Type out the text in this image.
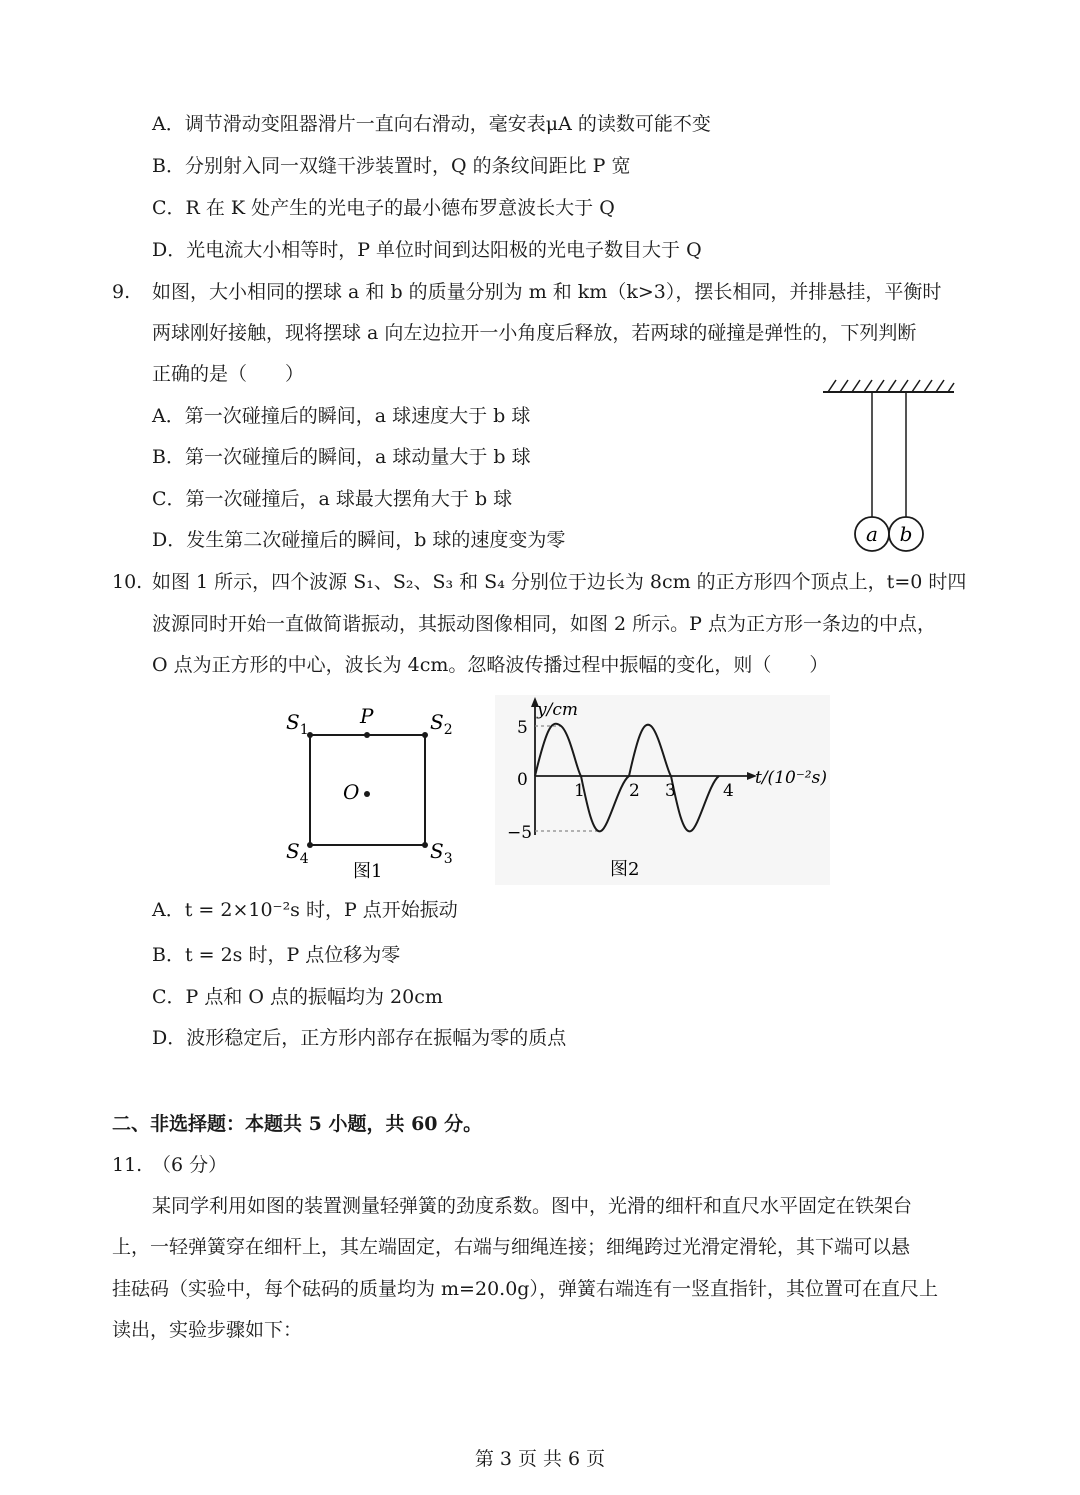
A．调节滑动变阻器滑片一直向右滑动，毫安表μA 的读数可能不变
B．分别射入同一双缝干涉装置时，Q 的条纹间距比 P 宽
C．R 在 K 处产生的光电子的最小德布罗意波长大于 Q
D．光电流大小相等时，P 单位时间到达阳极的光电子数目大于 Q
9. 如图，大小相同的摆球 a 和 b 的质量分别为 m 和 km（k>3），摆长相同，并排悬挂，平衡时
两球刚好接触，现将摆球 a 向左边拉开一小角度后释放，若两球的碰撞是弹性的，下列判断
正确的是（　　）
A．第一次碰撞后的瞬间，a 球速度大于 b 球
B．第一次碰撞后的瞬间，a 球动量大于 b 球
C．第一次碰撞后，a 球最大摆角大于 b 球
D．发生第二次碰撞后的瞬间，b 球的速度变为零	a b
10. 如图 1 所示，四个波源 S₁、S₂、S₃ 和 S₄ 分别位于边长为 8cm 的正方形四个顶点上，t=0 时四
波源同时开始一直做简谐振动，其振动图像相同，如图 2 所示。P 点为正方形一条边的中点，
O 点为正方形的中心，波长为 4cm。忽略波传播过程中振幅的变化，则（　　）
$S_1$	$S_2$
$S_3$
$S_4$
P
O
图1
y/cm
t/(10⁻²s)
5
0
−5
1	2 3	4
图2
A．t = 2×10⁻²s 时，P 点开始振动
B．t = 2s 时，P 点位移为零
C．P 点和 O 点的振幅均为 20cm
D．波形稳定后，正方形内部存在振幅为零的质点
二、非选择题：本题共 5 小题，共 60 分。
11. （6 分）
某同学利用如图的装置测量轻弹簧的劲度系数。图中，光滑的细杆和直尺水平固定在铁架台
上，一轻弹簧穿在细杆上，其左端固定，右端与细绳连接；细绳跨过光滑定滑轮，其下端可以悬
挂砝码（实验中，每个砝码的质量均为 m=20.0g），弹簧右端连有一竖直指针，其位置可在直尺上
读出，实验步骤如下：
第 3 页 共 6 页
